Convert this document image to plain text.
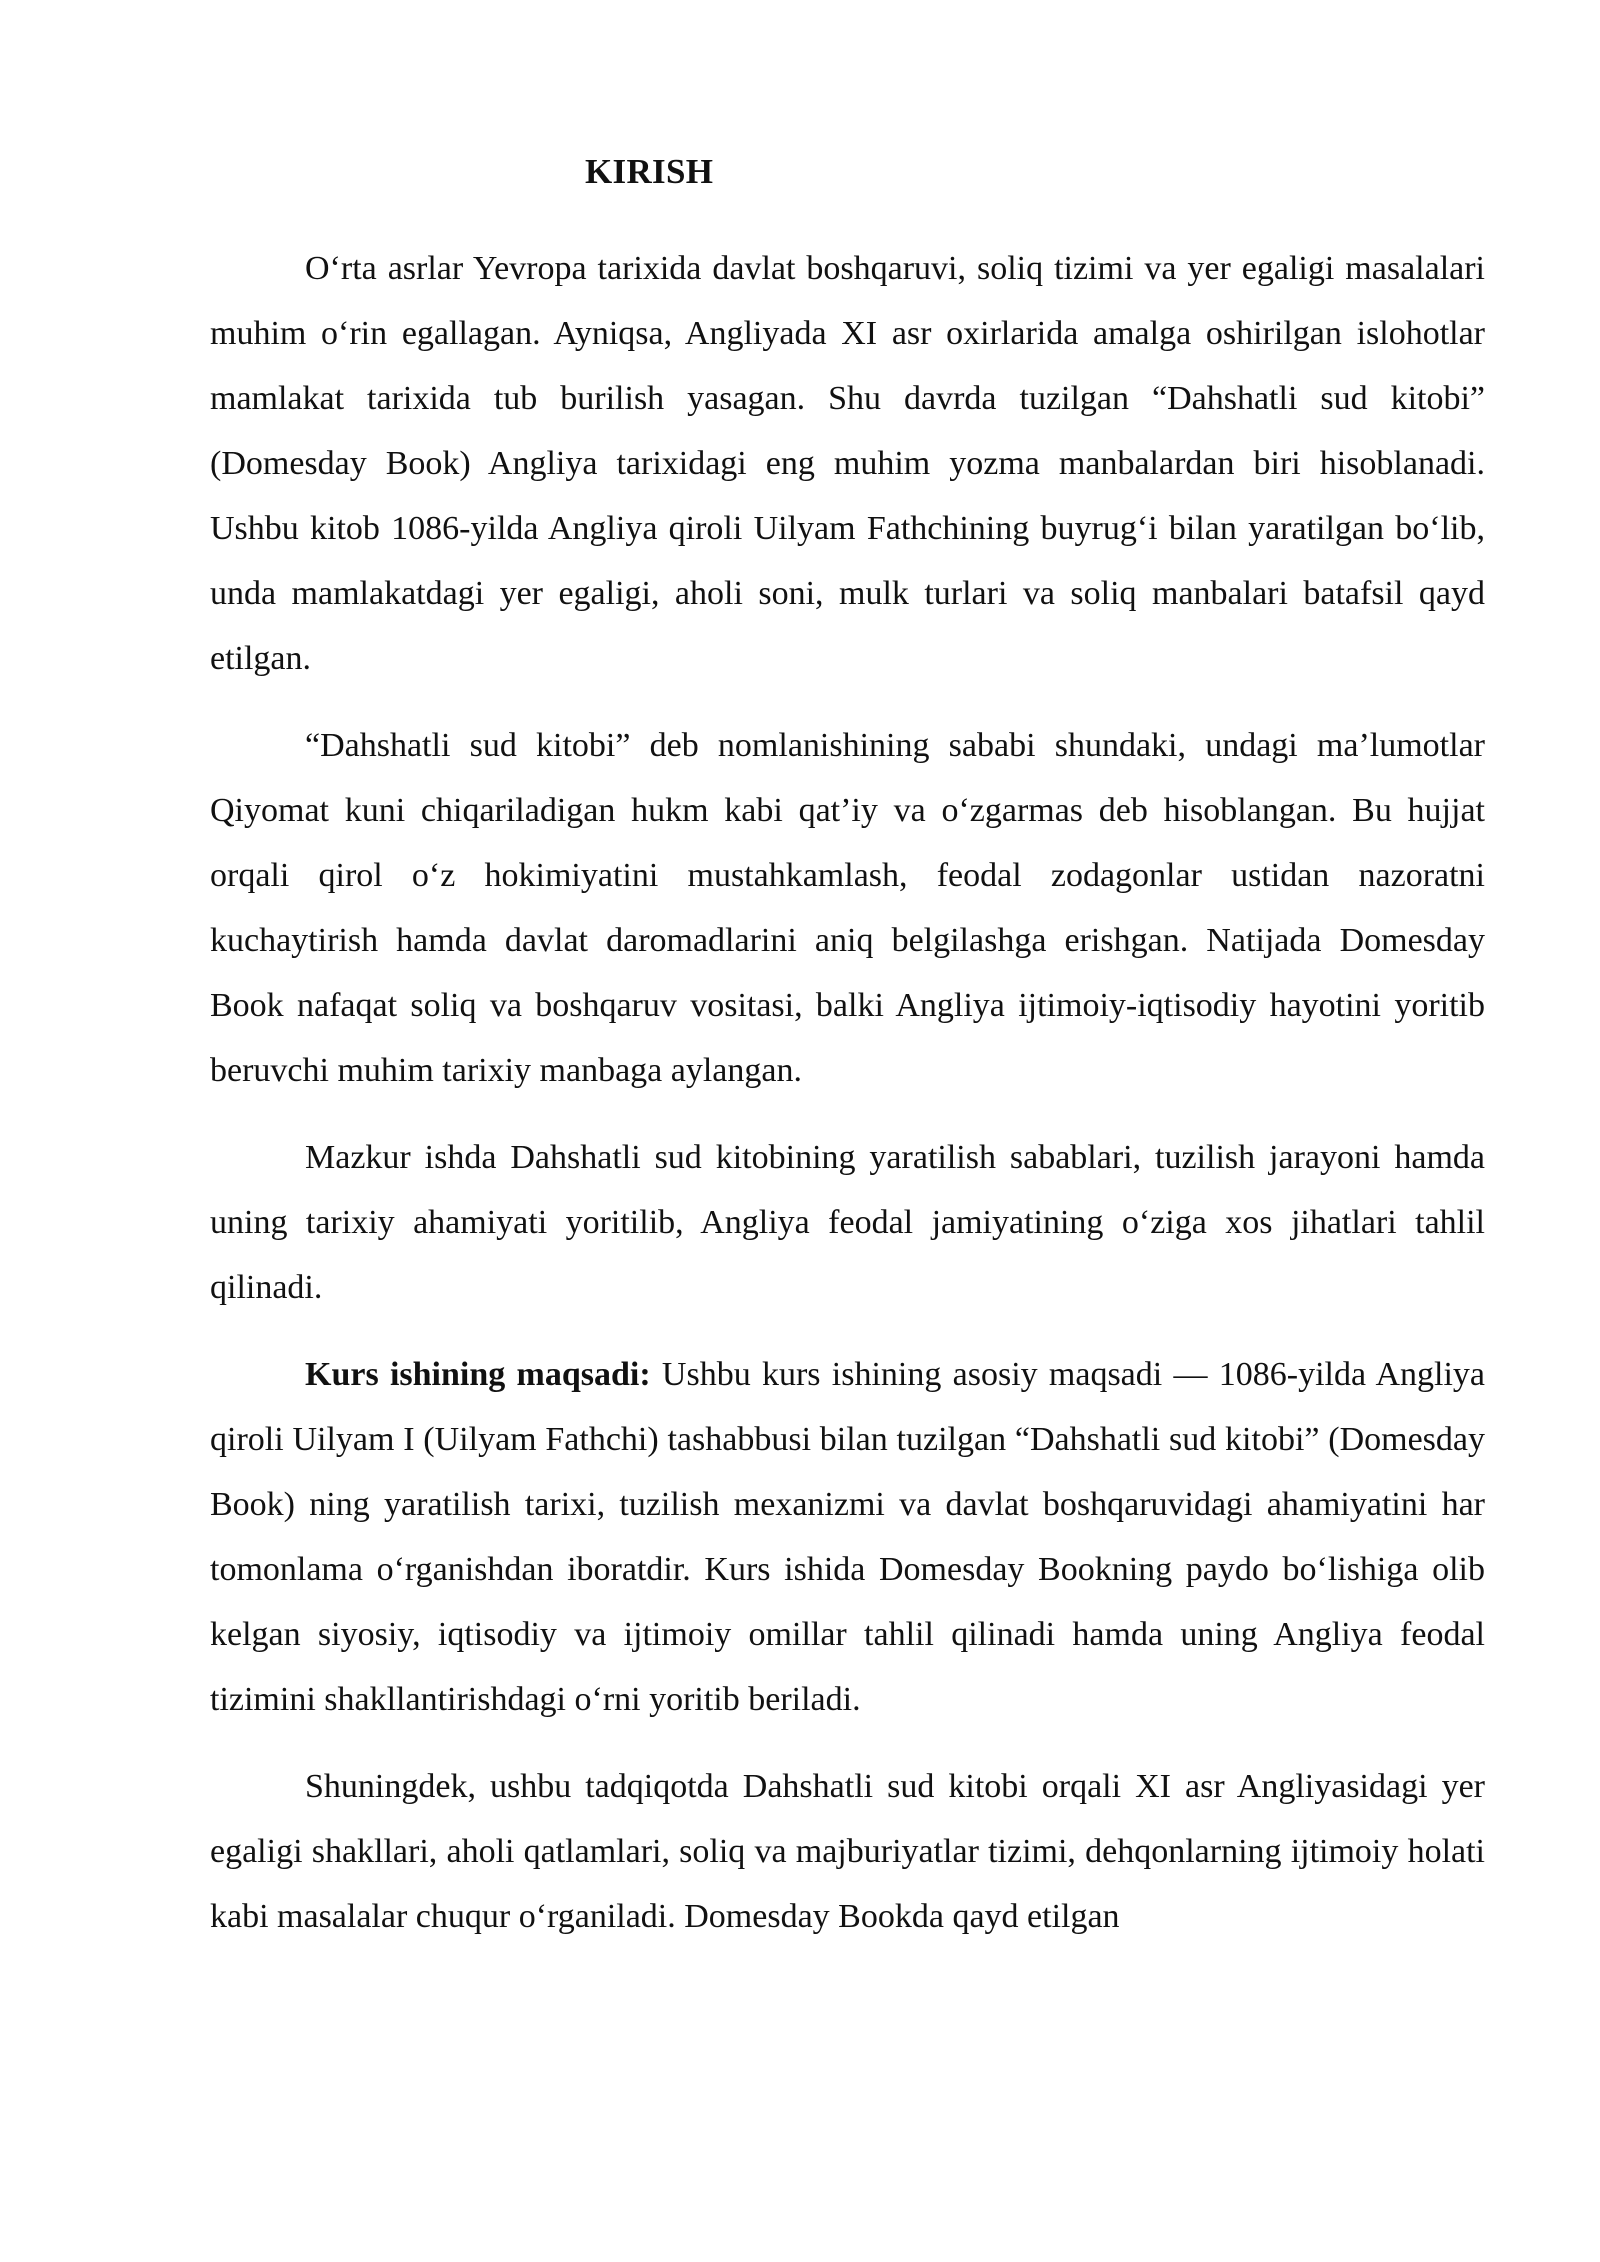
KIRISH

O‘rta asrlar Yevropa tarixida davlat boshqaruvi, soliq tizimi va yer egaligi masalalari muhim o‘rin egallagan. Ayniqsa, Angliyada XI asr oxirlarida amalga oshirilgan islohotlar mamlakat tarixida tub burilish yasagan. Shu davrda tuzilgan “Dahshatli sud kitobi” (Domesday Book) Angliya tarixidagi eng muhim yozma manbalardan biri hisoblanadi. Ushbu kitob 1086-yilda Angliya qiroli Uilyam Fathchining buyrug‘i bilan yaratilgan bo‘lib, unda mamlakatdagi yer egaligi, aholi soni, mulk turlari va soliq manbalari batafsil qayd etilgan.

“Dahshatli sud kitobi” deb nomlanishining sababi shundaki, undagi ma’lumotlar Qiyomat kuni chiqariladigan hukm kabi qat’iy va o‘zgarmas deb hisoblangan. Bu hujjat orqali qirol o‘z hokimiyatini mustahkamlash, feodal zodagonlar ustidan nazoratni kuchaytirish hamda davlat daromadlarini aniq belgilashga erishgan. Natijada Domesday Book nafaqat soliq va boshqaruv vositasi, balki Angliya ijtimoiy-iqtisodiy hayotini yoritib beruvchi muhim tarixiy manbaga aylangan.

Mazkur ishda Dahshatli sud kitobining yaratilish sabablari, tuzilish jarayoni hamda uning tarixiy ahamiyati yoritilib, Angliya feodal jamiyatining o‘ziga xos jihatlari tahlil qilinadi.

Kurs ishining maqsadi: Ushbu kurs ishining asosiy maqsadi — 1086-yilda Angliya qiroli Uilyam I (Uilyam Fathchi) tashabbusi bilan tuzilgan “Dahshatli sud kitobi” (Domesday Book) ning yaratilish tarixi, tuzilish mexanizmi va davlat boshqaruvidagi ahamiyatini har tomonlama o‘rganishdan iboratdir. Kurs ishida Domesday Bookning paydo bo‘lishiga olib kelgan siyosiy, iqtisodiy va ijtimoiy omillar tahlil qilinadi hamda uning Angliya feodal tizimini shakllantirishdagi o‘rni yoritib beriladi.

Shuningdek, ushbu tadqiqotda Dahshatli sud kitobi orqali XI asr Angliyasidagi yer egaligi shakllari, aholi qatlamlari, soliq va majburiyatlar tizimi, dehqonlarning ijtimoiy holati kabi masalalar chuqur o‘rganiladi. Domesday Bookda qayd etilgan
